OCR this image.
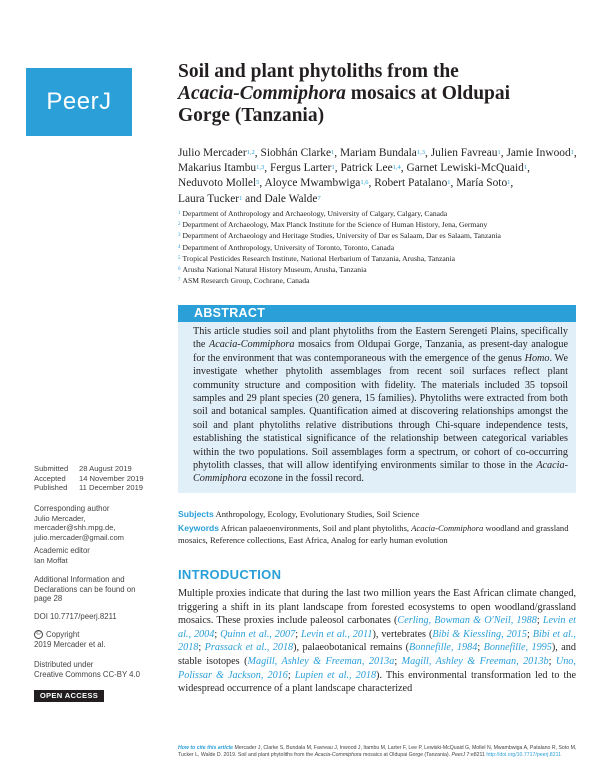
PeerJ
Soil and plant phytoliths from the
Acacia-Commiphora mosaics at Oldupai
Gorge (Tanzania)
Julio Mercader$^{1,2}$, Siobhán Clarke$^1$, Mariam Bundala$^{1,3}$, Julien Favreau$^1$, Jamie Inwood$^1$, Makarius Itambu$^{1,3}$, Fergus Larter$^1$, Patrick Lee$^{1,4}$, Garnet Lewiski-McQuaid$^1$, Neduvoto Mollel$^5$, Aloyce Mwambwiga$^{1,6}$, Robert Patalano$^1$, María Soto$^1$, Laura Tucker$^1$ and Dale Walde$^7$
$^1$ Department of Anthropology and Archaeology, University of Calgary, Calgary, Canada
$^2$ Department of Archaeology, Max Planck Institute for the Science of Human History, Jena, Germany
$^3$ Department of Archaeology and Heritage Studies, University of Dar es Salaam, Dar es Salaam, Tanzania
$^4$ Department of Anthropology, University of Toronto, Toronto, Canada
$^5$ Tropical Pesticides Research Institute, National Herbarium of Tanzania, Arusha, Tanzania
$^6$ Arusha National Natural History Museum, Arusha, Tanzania
$^7$ ASM Research Group, Cochrane, Canada
ABSTRACT
This article studies soil and plant phytoliths from the Eastern Serengeti Plains, specifically the Acacia-Commiphora mosaics from Oldupai Gorge, Tanzania, as present-day analogue for the environment that was contemporaneous with the emergence of the genus Homo. We investigate whether phytolith assemblages from recent soil surfaces reflect plant community structure and composition with fidelity. The materials included 35 topsoil samples and 29 plant species (20 genera, 15 families). Phytoliths were extracted from both soil and botanical samples. Quantification aimed at discovering relationships amongst the soil and plant phytoliths relative distributions through Chi-square independence tests, establishing the statistical significance of the relationship between categorical variables within the two populations. Soil assemblages form a spectrum, or cohort of co-occurring phytolith classes, that will allow identifying environments similar to those in the Acacia-Commiphora ecozone in the fossil record.
Subjects Anthropology, Ecology, Evolutionary Studies, Soil Science
Keywords African palaeoenvironments, Soil and plant phytoliths, Acacia-Commiphora woodland and grassland mosaics, Reference collections, East Africa, Analog for early human evolution
INTRODUCTION
Multiple proxies indicate that during the last two million years the East African climate changed, triggering a shift in its plant landscape from forested ecosystems to open woodland/grassland mosaics. These proxies include paleosol carbonates (Cerling, Bowman & O'Neil, 1988; Levin et al., 2004; Quinn et al., 2007; Levin et al., 2011), vertebrates (Bibi & Kiessling, 2015; Bibi et al., 2018; Prassack et al., 2018), palaeobotanical remains (Bonnefille, 1984; Bonnefille, 1995), and stable isotopes (Magill, Ashley & Freeman, 2013a; Magill, Ashley & Freeman, 2013b; Uno, Polissar & Jackson, 2016; Lupien et al., 2018). This environmental transformation led to the widespread occurrence of a plant landscape characterized
Submitted 28 August 2019
Accepted 14 November 2019
Published 11 December 2019
Corresponding author
Julio Mercader,
mercader@shh.mpg.de,
julio.mercader@gmail.com
Academic editor
Ian Moffat
Additional Information and
Declarations can be found on
page 28
DOI 10.7717/peerj.8211
© Copyright
2019 Mercader et al.
Distributed under
Creative Commons CC-BY 4.0
OPEN ACCESS
How to cite this article Mercader J, Clarke S, Bundala M, Favreau J, Inwood J, Itambu M, Larter F, Lee P, Lewiski-McQuaid G, Mollel N, Mwambwiga A, Patalano R, Soto M, Tucker L, Walde D. 2019. Soil and plant phytoliths from the Acacia-Commiphora mosaics at Oldupai Gorge (Tanzania). PeerJ 7:e8211 http://doi.org/10.7717/peerj.8211
